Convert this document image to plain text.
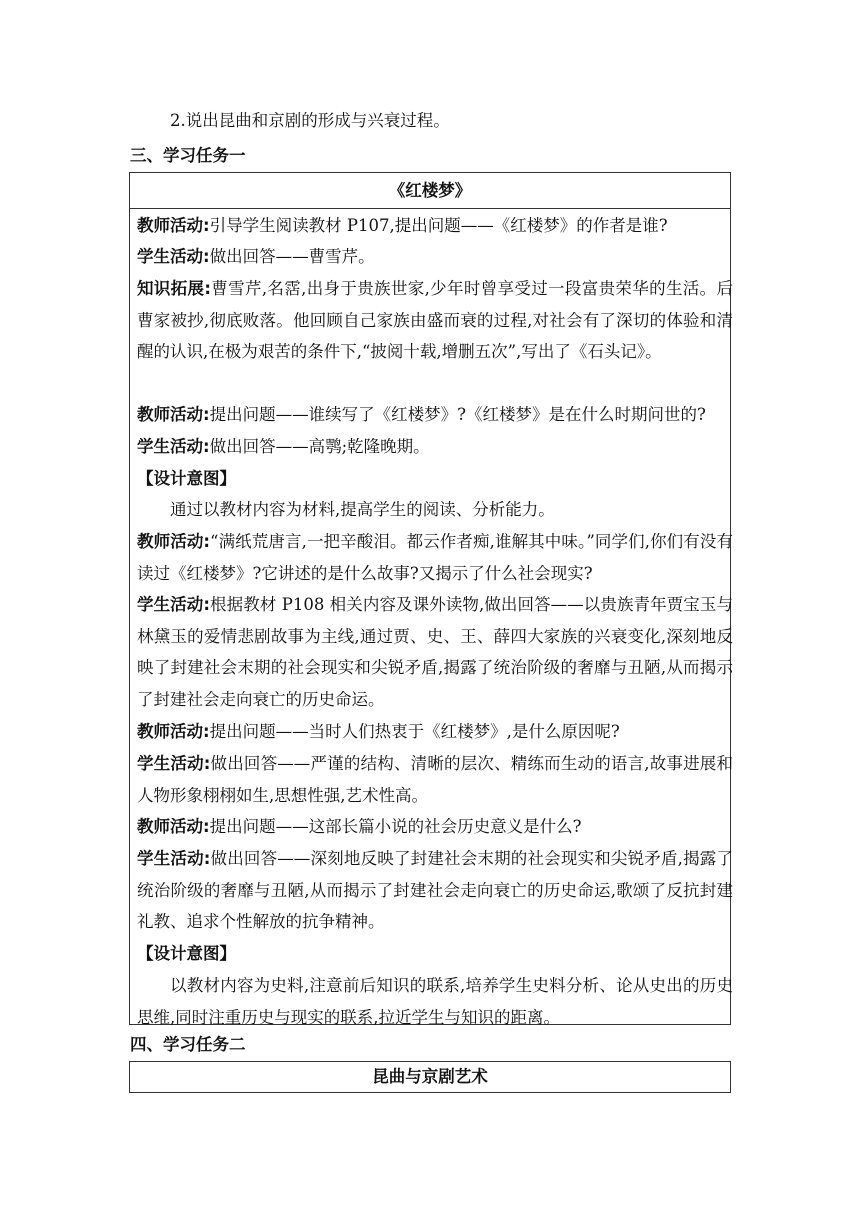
2.说出昆曲和京剧的形成与兴衰过程。
三、学习任务一
《红楼梦》
教师活动:引导学生阅读教材 P107,提出问题——《红楼梦》的作者是谁?
学生活动:做出回答——曹雪芹。
知识拓展:曹雪芹,名霑,出身于贵族世家,少年时曾享受过一段富贵荣华的生活。后曹家被抄,彻底败落。他回顾自己家族由盛而衰的过程,对社会有了深切的体验和清醒的认识,在极为艰苦的条件下,“披阅十载,增删五次”,写出了《石头记》。
教师活动:提出问题——谁续写了《红楼梦》?《红楼梦》是在什么时期问世的?
学生活动:做出回答——高鹗;乾隆晚期。
【设计意图】
通过以教材内容为材料,提高学生的阅读、分析能力。
教师活动:“满纸荒唐言,一把辛酸泪。都云作者痴,谁解其中味。”同学们,你们有没有读过《红楼梦》?它讲述的是什么故事?又揭示了什么社会现实?
学生活动:根据教材 P108 相关内容及课外读物,做出回答——以贵族青年贾宝玉与林黛玉的爱情悲剧故事为主线,通过贾、史、王、薛四大家族的兴衰变化,深刻地反映了封建社会末期的社会现实和尖锐矛盾,揭露了统治阶级的奢靡与丑陋,从而揭示了封建社会走向衰亡的历史命运。
教师活动:提出问题——当时人们热衷于《红楼梦》,是什么原因呢?
学生活动:做出回答——严谨的结构、清晰的层次、精练而生动的语言,故事进展和人物形象栩栩如生,思想性强,艺术性高。
教师活动:提出问题——这部长篇小说的社会历史意义是什么?
学生活动:做出回答——深刻地反映了封建社会末期的社会现实和尖锐矛盾,揭露了统治阶级的奢靡与丑陋,从而揭示了封建社会走向衰亡的历史命运,歌颂了反抗封建礼教、追求个性解放的抗争精神。
【设计意图】
以教材内容为史料,注意前后知识的联系,培养学生史料分析、论从史出的历史思维,同时注重历史与现实的联系,拉近学生与知识的距离。
四、学习任务二
昆曲与京剧艺术
